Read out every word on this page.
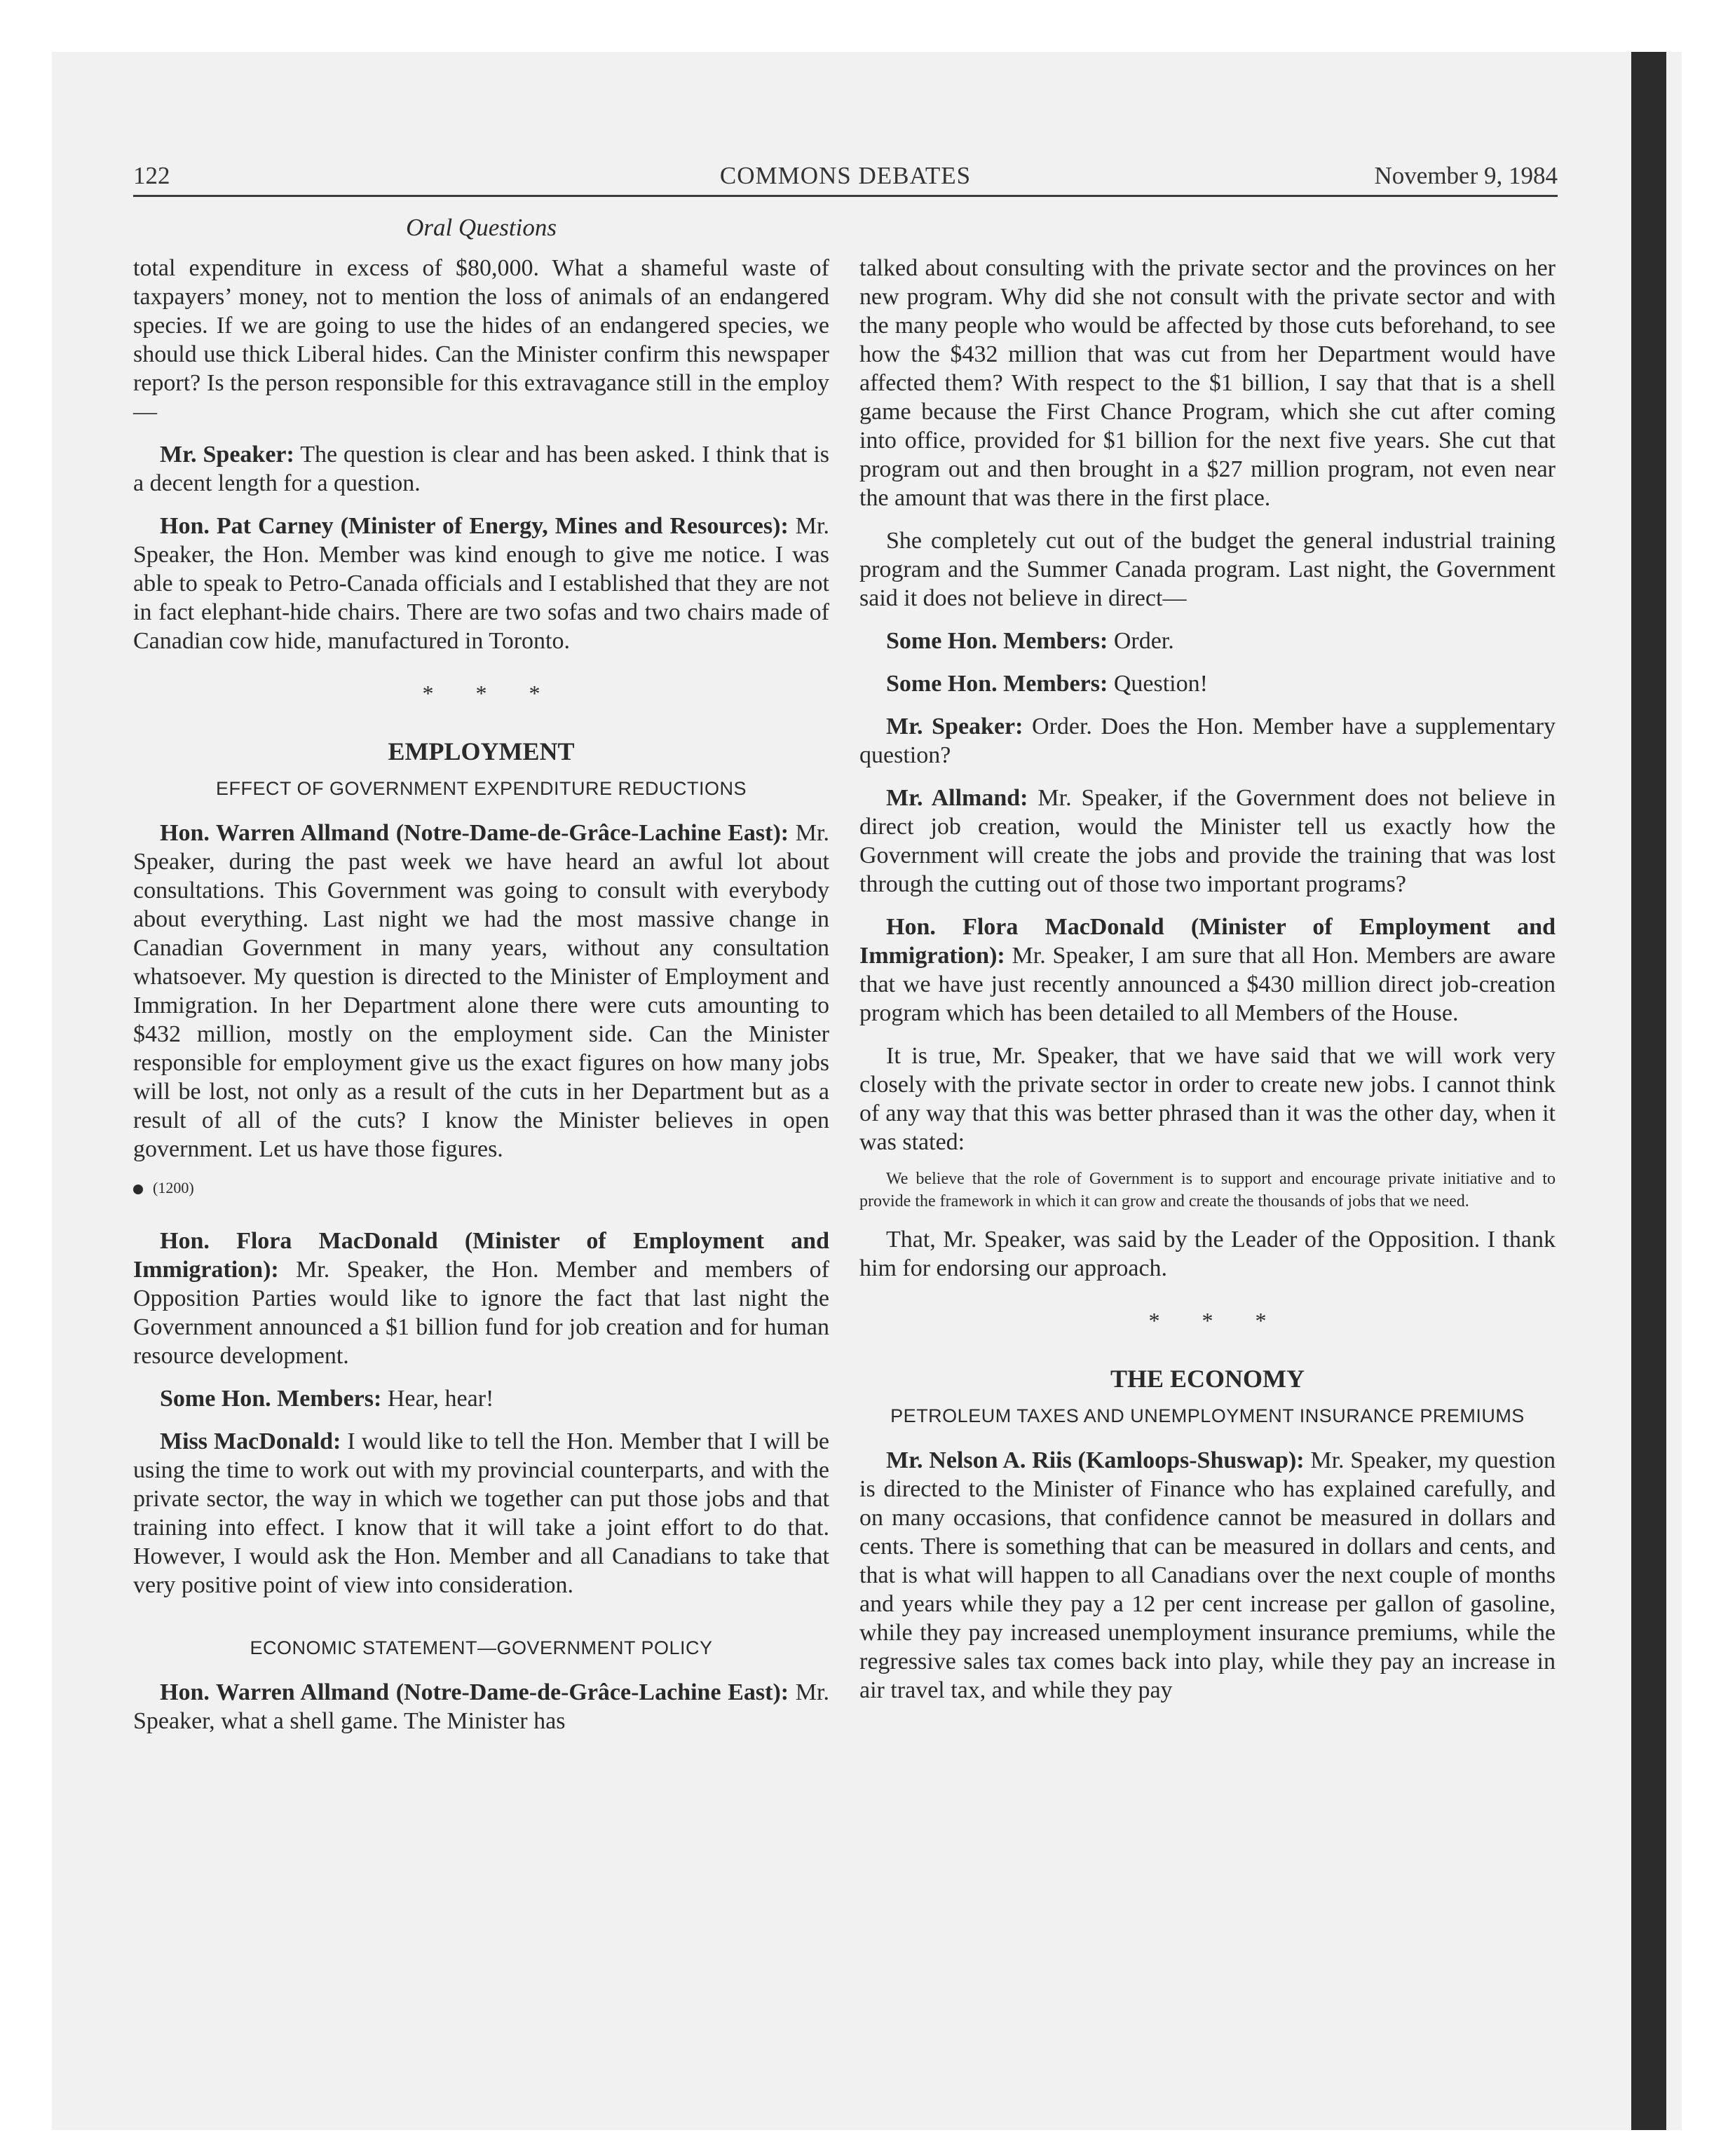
122	COMMONS DEBATES	November 9, 1984
Oral Questions

total expenditure in excess of $80,000. What a shameful waste of taxpayers’ money, not to mention the loss of animals of an endangered species. If we are going to use the hides of an endangered species, we should use thick Liberal hides. Can the Minister confirm this newspaper report? Is the person responsible for this extravagance still in the employ—

Mr. Speaker: The question is clear and has been asked. I think that is a decent length for a question.

Hon. Pat Carney (Minister of Energy, Mines and Resources): Mr. Speaker, the Hon. Member was kind enough to give me notice. I was able to speak to Petro-Canada officials and I established that they are not in fact elephant-hide chairs. There are two sofas and two chairs made of Canadian cow hide, manufactured in Toronto.

* * *
EMPLOYMENT
EFFECT OF GOVERNMENT EXPENDITURE REDUCTIONS

Hon. Warren Allmand (Notre-Dame-de-Grâce-Lachine East): Mr. Speaker, during the past week we have heard an awful lot about consultations. This Government was going to consult with everybody about everything. Last night we had the most massive change in Canadian Government in many years, without any consultation whatsoever. My question is directed to the Minister of Employment and Immigration. In her Department alone there were cuts amounting to $432 million, mostly on the employment side. Can the Minister responsible for employment give us the exact figures on how many jobs will be lost, not only as a result of the cuts in her Department but as a result of all of the cuts? I know the Minister believes in open government. Let us have those figures.

(1200)

Hon. Flora MacDonald (Minister of Employment and Immigration): Mr. Speaker, the Hon. Member and members of Opposition Parties would like to ignore the fact that last night the Government announced a $1 billion fund for job creation and for human resource development.

Some Hon. Members: Hear, hear!

Miss MacDonald: I would like to tell the Hon. Member that I will be using the time to work out with my provincial counterparts, and with the private sector, the way in which we together can put those jobs and that training into effect. I know that it will take a joint effort to do that. However, I would ask the Hon. Member and all Canadians to take that very positive point of view into consideration.

ECONOMIC STATEMENT—GOVERNMENT POLICY

Hon. Warren Allmand (Notre-Dame-de-Grâce-Lachine East): Mr. Speaker, what a shell game. The Minister has

talked about consulting with the private sector and the provinces on her new program. Why did she not consult with the private sector and with the many people who would be affected by those cuts beforehand, to see how the $432 million that was cut from her Department would have affected them? With respect to the $1 billion, I say that that is a shell game because the First Chance Program, which she cut after coming into office, provided for $1 billion for the next five years. She cut that program out and then brought in a $27 million program, not even near the amount that was there in the first place.

She completely cut out of the budget the general industrial training program and the Summer Canada program. Last night, the Government said it does not believe in direct—

Some Hon. Members: Order.

Some Hon. Members: Question!

Mr. Speaker: Order. Does the Hon. Member have a supplementary question?

Mr. Allmand: Mr. Speaker, if the Government does not believe in direct job creation, would the Minister tell us exactly how the Government will create the jobs and provide the training that was lost through the cutting out of those two important programs?

Hon. Flora MacDonald (Minister of Employment and Immigration): Mr. Speaker, I am sure that all Hon. Members are aware that we have just recently announced a $430 million direct job-creation program which has been detailed to all Members of the House.

It is true, Mr. Speaker, that we have said that we will work very closely with the private sector in order to create new jobs. I cannot think of any way that this was better phrased than it was the other day, when it was stated:

We believe that the role of Government is to support and encourage private initiative and to provide the framework in which it can grow and create the thousands of jobs that we need.

That, Mr. Speaker, was said by the Leader of the Opposition. I thank him for endorsing our approach.

* * *
THE ECONOMY
PETROLEUM TAXES AND UNEMPLOYMENT INSURANCE PREMIUMS

Mr. Nelson A. Riis (Kamloops-Shuswap): Mr. Speaker, my question is directed to the Minister of Finance who has explained carefully, and on many occasions, that confidence cannot be measured in dollars and cents. There is something that can be measured in dollars and cents, and that is what will happen to all Canadians over the next couple of months and years while they pay a 12 per cent increase per gallon of gasoline, while they pay increased unemployment insurance premiums, while the regressive sales tax comes back into play, while they pay an increase in air travel tax, and while they pay
